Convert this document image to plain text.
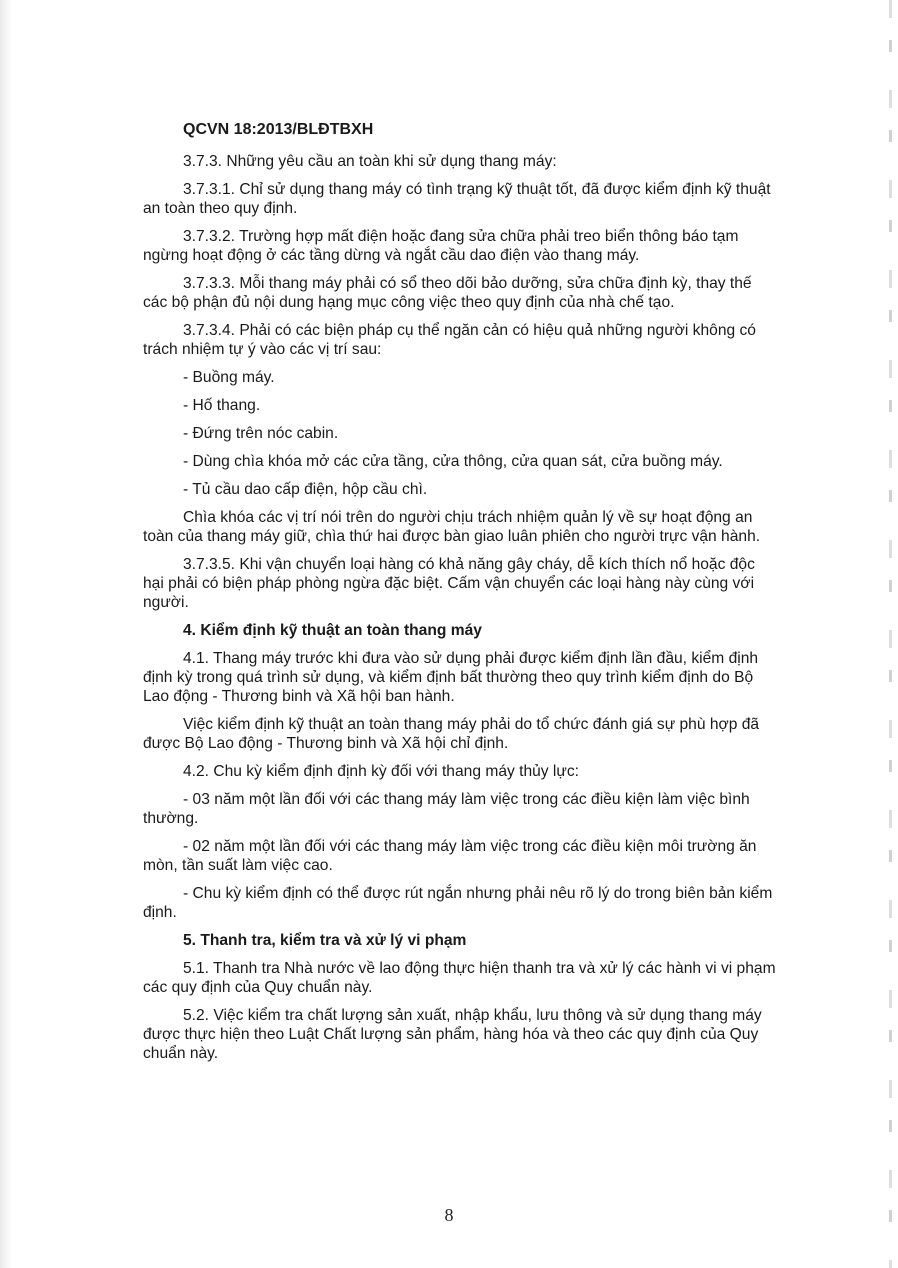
QCVN 18:2013/BLĐTBXH

3.7.3. Những yêu cầu an toàn khi sử dụng thang máy:

3.7.3.1. Chỉ sử dụng thang máy có tình trạng kỹ thuật tốt, đã được kiểm định kỹ thuật an toàn theo quy định.

3.7.3.2. Trường hợp mất điện hoặc đang sửa chữa phải treo biển thông báo tạm ngừng hoạt động ở các tầng dừng và ngắt cầu dao điện vào thang máy.

3.7.3.3. Mỗi thang máy phải có sổ theo dõi bảo dưỡng, sửa chữa định kỳ, thay thế các bộ phận đủ nội dung hạng mục công việc theo quy định của nhà chế tạo.

3.7.3.4. Phải có các biện pháp cụ thể ngăn cản có hiệu quả những người không có trách nhiệm tự ý vào các vị trí sau:

- Buồng máy.

- Hố thang.

- Đứng trên nóc cabin.

- Dùng chìa khóa mở các cửa tầng, cửa thông, cửa quan sát, cửa buồng máy.

- Tủ cầu dao cấp điện, hộp cầu chì.

Chìa khóa các vị trí nói trên do người chịu trách nhiệm quản lý về sự hoạt động an toàn của thang máy giữ, chìa thứ hai được bàn giao luân phiên cho người trực vận hành.

3.7.3.5. Khi vận chuyển loại hàng có khả năng gây cháy, dễ kích thích nổ hoặc độc hại phải có biện pháp phòng ngừa đặc biệt. Cấm vận chuyển các loại hàng này cùng với người.

4. Kiểm định kỹ thuật an toàn thang máy

4.1. Thang máy trước khi đưa vào sử dụng phải được kiểm định lần đầu, kiểm định định kỳ trong quá trình sử dụng, và kiểm định bất thường theo quy trình kiểm định do Bộ Lao động - Thương binh và Xã hội ban hành.

Việc kiểm định kỹ thuật an toàn thang máy phải do tổ chức đánh giá sự phù hợp đã được Bộ Lao động - Thương binh và Xã hội chỉ định.

4.2. Chu kỳ kiểm định định kỳ đối với thang máy thủy lực:

- 03 năm một lần đối với các thang máy làm việc trong các điều kiện làm việc bình thường.

- 02 năm một lần đối với các thang máy làm việc trong các điều kiện môi trường ăn mòn, tần suất làm việc cao.

- Chu kỳ kiểm định có thể được rút ngắn nhưng phải nêu rõ lý do trong biên bản kiểm định.

5. Thanh tra, kiểm tra và xử lý vi phạm

5.1. Thanh tra Nhà nước về lao động thực hiện thanh tra và xử lý các hành vi vi phạm các quy định của Quy chuẩn này.

5.2. Việc kiểm tra chất lượng sản xuất, nhập khẩu, lưu thông và sử dụng thang máy được thực hiện theo Luật Chất lượng sản phẩm, hàng hóa và theo các quy định của Quy chuẩn này.

8
